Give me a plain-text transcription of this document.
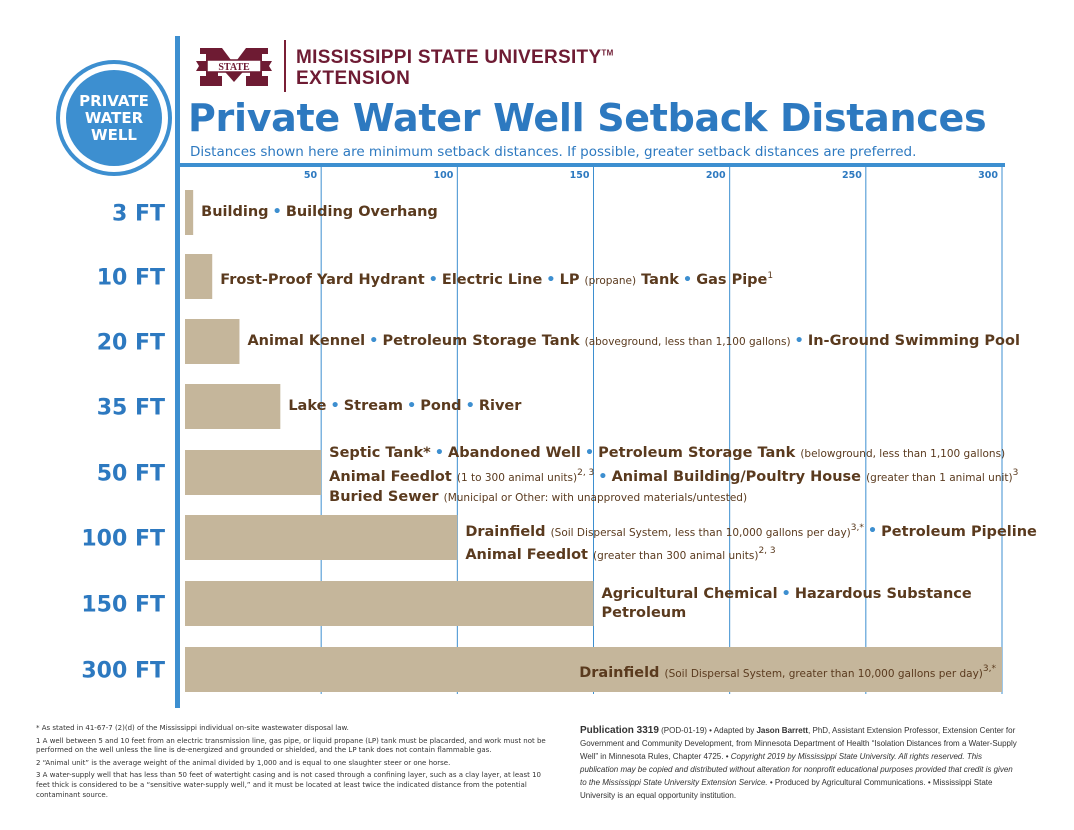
PRIVATE
WATER
WELL
STATE MISSISSIPPI STATE UNIVERSITY™
EXTENSION
Private Water Well Setback Distances
Distances shown here are minimum setback distances. If possible, greater setback distances are preferred.
50	100	150	200	250	300
3 FT
10 FT
20 FT
35 FT
50 FT
100 FT
150 FT
300 FT
Building • Building Overhang
Frost-Proof Yard Hydrant • Electric Line • LP (propane) Tank • Gas Pipe$^1$
Animal Kennel • Petroleum Storage Tank (aboveground, less than 1,100 gallons) • In-Ground Swimming Pool
Lake • Stream • Pond • River
Septic Tank* • Abandoned Well • Petroleum Storage Tank (belowground, less than 1,100 gallons)
Animal Feedlot (1 to 300 animal units)$^{2, 3}$ • Animal Building/Poultry House (greater than 1 animal unit)$^3$
Buried Sewer (Municipal or Other: with unapproved materials/untested)
Drainfield (Soil Dispersal System, less than 10,000 gallons per day)$^{3,*}$ • Petroleum Pipeline
Animal Feedlot (greater than 300 animal units)$^{2, 3}$
Agricultural Chemical • Hazardous Substance
Petroleum
Drainfield (Soil Dispersal System, greater than 10,000 gallons per day)$^{3,*}$

* As stated in 41-67-7 (2)(d) of the Mississippi individual on-site wastewater disposal law.

1 A well between 5 and 10 feet from an electric transmission line, gas pipe, or liquid propane (LP) tank must be placarded, and work must not be performed on the well unless the line is de-energized and grounded or shielded, and the LP tank does not contain flammable gas.

2 “Animal unit” is the average weight of the animal divided by 1,000 and is equal to one slaughter steer or one horse.

3 A water-supply well that has less than 50 feet of watertight casing and is not cased through a confining layer, such as a clay layer, at least 10 feet thick is considered to be a “sensitive water-supply well,” and it must be located at least twice the indicated distance from the potential contaminant source.

Publication 3319 (POD-01-19) • Adapted by Jason Barrett, PhD, Assistant Extension Professor, Extension Center for Government and Community Development, from Minnesota Department of Health “Isolation Distances from a Water-Supply Well” in Minnesota Rules, Chapter 4725. • Copyright 2019 by Mississippi State University. All rights reserved. This publication may be copied and distributed without alteration for nonprofit educational purposes provided that credit is given to the Mississippi State University Extension Service. • Produced by Agricultural Communications. • Mississippi State University is an equal opportunity institution.
